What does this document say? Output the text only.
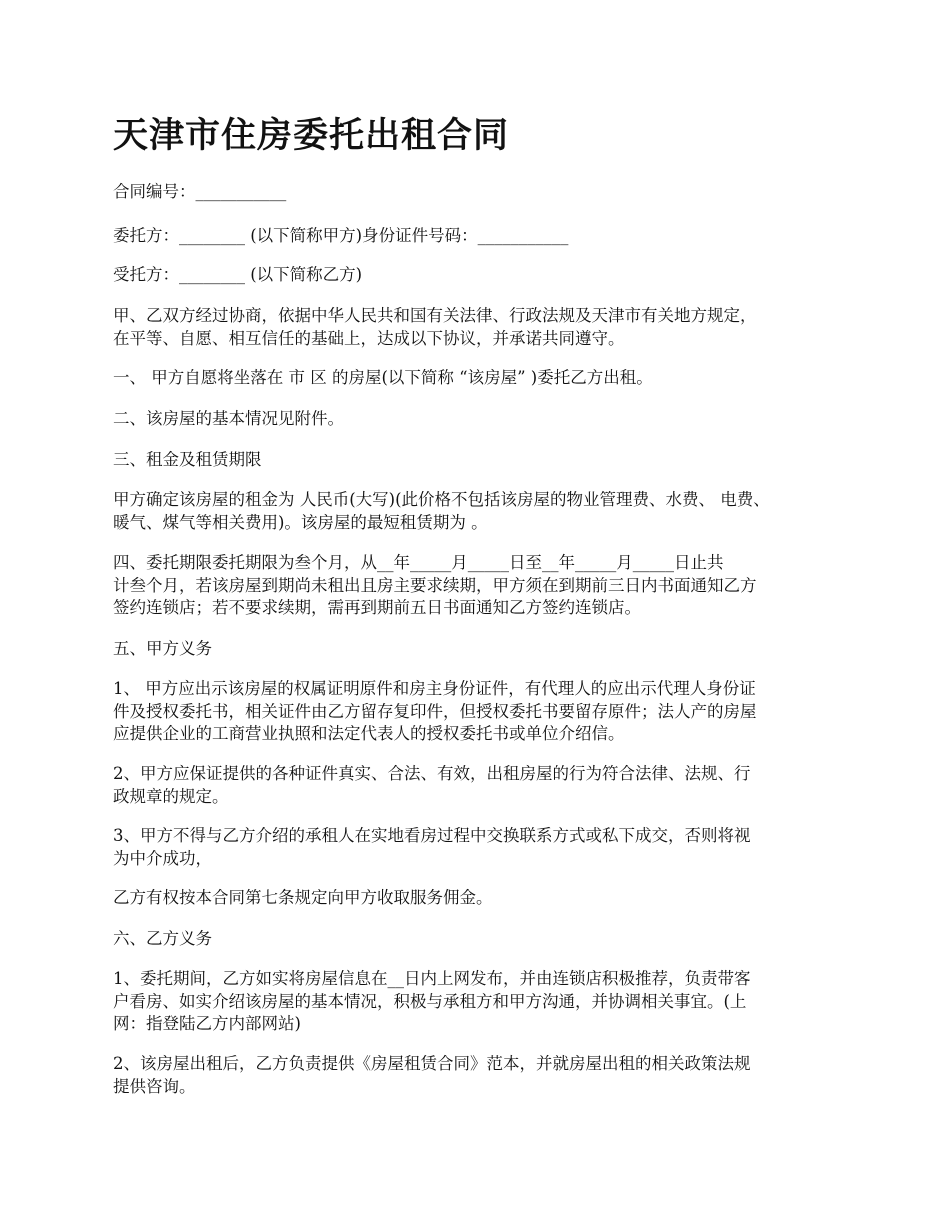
天津市住房委托出租合同

合同编号：___________

委托方：________ (以下简称甲方)身份证件号码：___________

受托方：________ (以下简称乙方)

甲、乙双方经过协商，依据中华人民共和国有关法律、行政法规及天津市有关地方规定，
在平等、自愿、相互信任的基础上，达成以下协议，并承诺共同遵守。

一、 甲方自愿将坐落在 市 区 的房屋(以下简称 “该房屋” )委托乙方出租。

二、该房屋的基本情况见附件。

三、租金及租赁期限

甲方确定该房屋的租金为 人民币(大写)(此价格不包括该房屋的物业管理费、水费、 电费、
暖气、煤气等相关费用)。该房屋的最短租赁期为 。

四、委托期限委托期限为叁个月，从__年_____月_____日至__年_____月_____日止共
计叁个月，若该房屋到期尚未租出且房主要求续期，甲方须在到期前三日内书面通知乙方
签约连锁店；若不要求续期，需再到期前五日书面通知乙方签约连锁店。

五、甲方义务

1、 甲方应出示该房屋的权属证明原件和房主身份证件，有代理人的应出示代理人身份证
件及授权委托书，相关证件由乙方留存复印件，但授权委托书要留存原件；法人产的房屋
应提供企业的工商营业执照和法定代表人的授权委托书或单位介绍信。

2、甲方应保证提供的各种证件真实、合法、有效，出租房屋的行为符合法律、法规、行
政规章的规定。

3、甲方不得与乙方介绍的承租人在实地看房过程中交换联系方式或私下成交，否则将视
为中介成功，

乙方有权按本合同第七条规定向甲方收取服务佣金。

六、乙方义务

1、委托期间，乙方如实将房屋信息在__日内上网发布，并由连锁店积极推荐，负责带客
户看房、如实介绍该房屋的基本情况，积极与承租方和甲方沟通，并协调相关事宜。(上
网：指登陆乙方内部网站)

2、该房屋出租后，乙方负责提供《房屋租赁合同》范本，并就房屋出租的相关政策法规
提供咨询。
